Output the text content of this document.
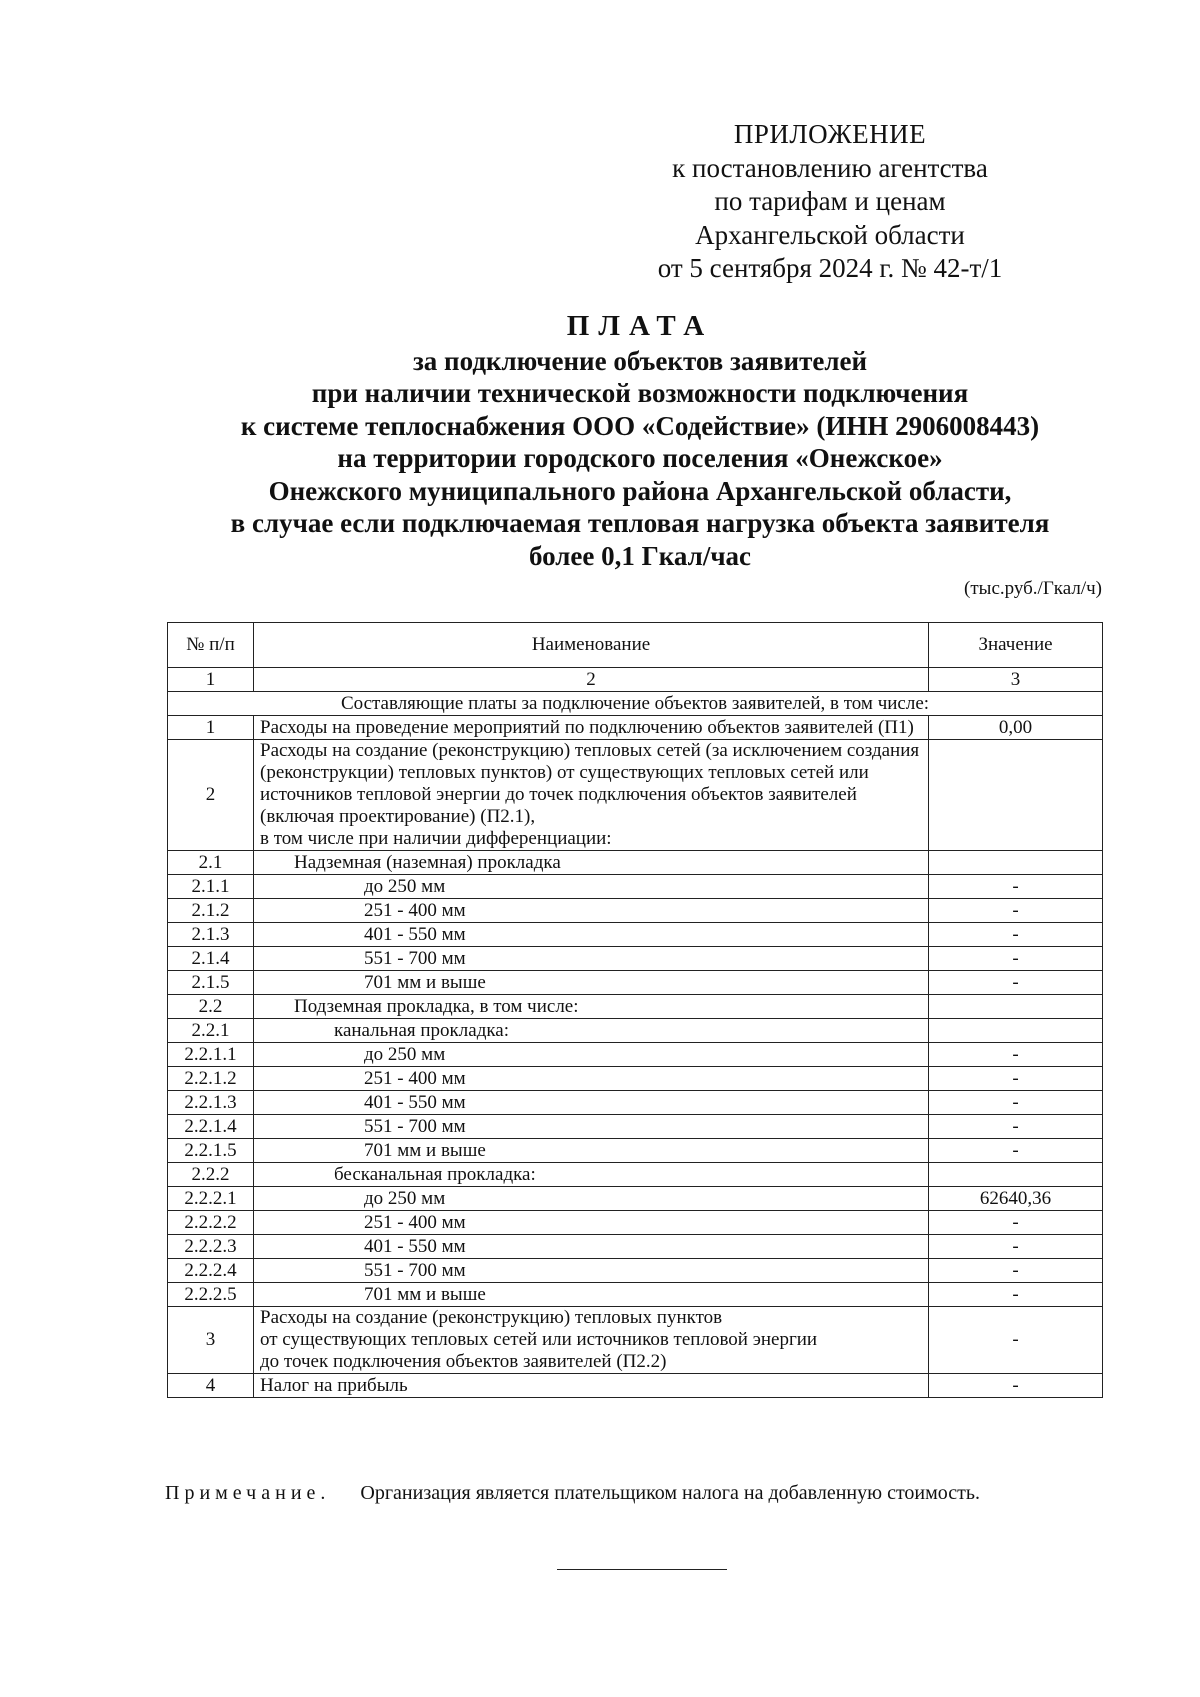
ПРИЛОЖЕНИЕ
к постановлению агентства
по тарифам и ценам
Архангельской области
от 5 сентября 2024 г. № 42-т/1
ПЛАТА
за подключение объектов заявителей
при наличии технической возможности подключения
к системе теплоснабжения ООО «Содействие» (ИНН 2906008443)
на территории городского поселения «Онежское»
Онежского муниципального района Архангельской области,
в случае если подключаемая тепловая нагрузка объекта заявителя
более 0,1 Гкал/час
(тыс.руб./Гкал/ч)
№ п/п	Наименование	Значение
1	2	3
Составляющие платы за подключение объектов заявителей, в том числе:		
1	Расходы на проведение мероприятий по подключению объектов заявителей (П1)	0,00
2	Расходы на создание (реконструкцию) тепловых сетей (за исключением создания (реконструкции) тепловых пунктов) от существующих тепловых сетей или источников тепловой энергии до точек подключения объектов заявителей (включая проектирование) (П2.1),
в том числе при наличии дифференциации:	
2.1	Надземная (наземная) прокладка	
2.1.1	до 250 мм	-
2.1.2	251 - 400 мм	-
2.1.3	401 - 550 мм	-
2.1.4	551 - 700 мм	-
2.1.5	701 мм и выше	-
2.2	Подземная прокладка, в том числе:	
2.2.1	канальная прокладка:	
2.2.1.1	до 250 мм	-
2.2.1.2	251 - 400 мм	-
2.2.1.3	401 - 550 мм	-
2.2.1.4	551 - 700 мм	-
2.2.1.5	701 мм и выше	-
2.2.2	бесканальная прокладка:	
2.2.2.1	до 250 мм	62640,36
2.2.2.2	251 - 400 мм	-
2.2.2.3	401 - 550 мм	-
2.2.2.4	551 - 700 мм	-
2.2.2.5	701 мм и выше	-
3	Расходы на создание (реконструкцию) тепловых пунктов
от существующих тепловых сетей или источников тепловой энергии
до точек подключения объектов заявителей (П2.2)	-
4	Налог на прибыль	-
Примечание. Организация является плательщиком налога на добавленную стоимость.
